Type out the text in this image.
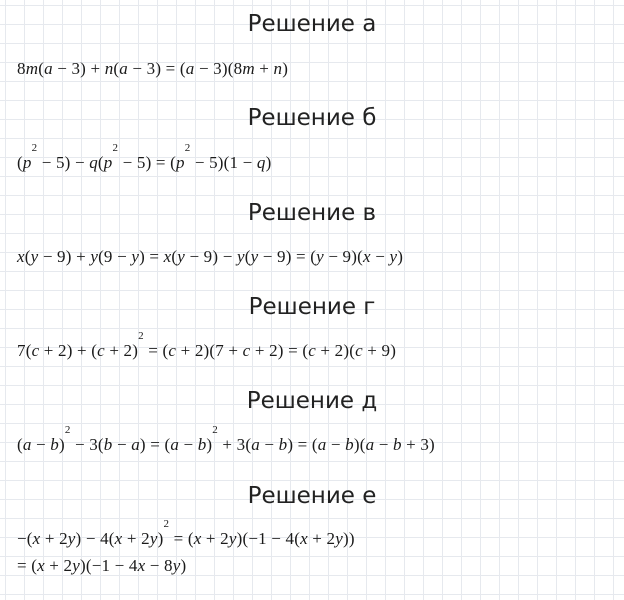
Решение а
8m(a − 3) + n(a − 3) = (a − 3)(8m + n)
Решение б
$(p^2 - 5) - q(p^2 - 5) = (p^2 - 5)(1 - q)$
Решение в
x(y − 9) + y(9 − y) = x(y − 9) − y(y − 9) = (y − 9)(x − y)
Решение г
$7(c + 2) + (c + 2)^2 = (c + 2)(7 + c + 2) = (c + 2)(c + 9)$
Решение д
$(a - b)^2 - 3(b - a) = (a - b)^2 + 3(a - b) = (a - b)(a - b + 3)$
Решение е
$-(x + 2y) - 4(x + 2y)^2 = (x + 2y)(-1 - 4(x + 2y))$
= (x + 2y)(−1 − 4x − 8y)
